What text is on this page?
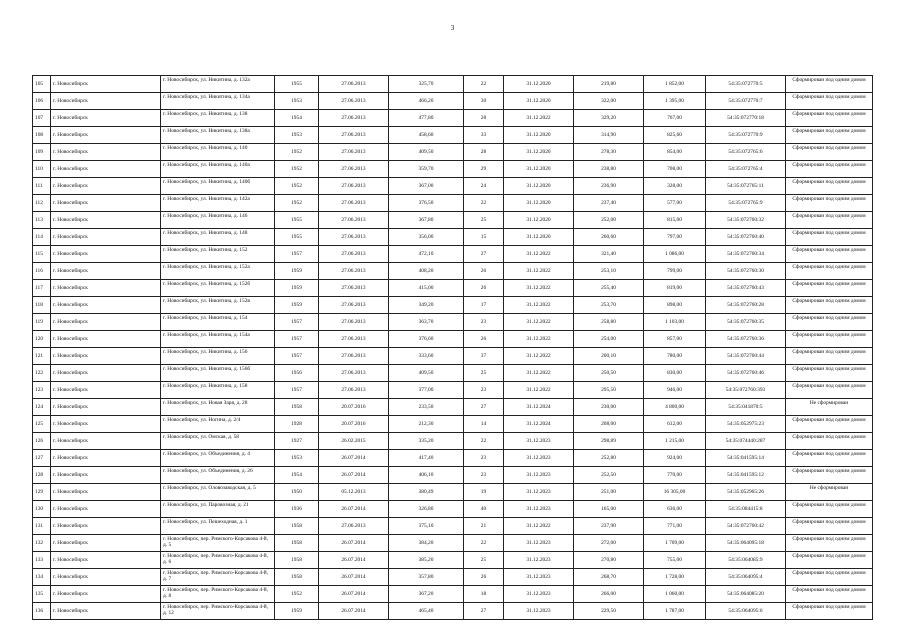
3
105	г. Новосибирск	г. Новосибирск, ул. Никитина, д. 132а	1955	27.06.2013	325,70	22	31.12.2020	219,80	1 852,00	54:35:072770:5	Сформирован под одним домом
106	г. Новосибирск	г. Новосибирск, ул. Никитина, д. 134а	1953	27.06.2013	466,20	30	31.12.2020	322,00	1 395,00	54:35:072770:7	Сформирован под одним домом
107	г. Новосибирск	г. Новосибирск, ул. Никитина, д. 138	1954	27.06.2013	477,80	28	31.12.2022	329,20	767,00	54:35:072770:18	Сформирован под одним домом
108	г. Новосибирск	г. Новосибирск, ул. Никитина, д. 138а	1953	27.06.2013	458,60	33	31.12.2020	314,90	825,60	54:35:072770:9	Сформирован под одним домом
109	г. Новосибирск	г. Новосибирск, ул. Никитина, д. 140	1952	27.06.2013	409,50	28	31.12.2020	278,30	854,00	54:35:072765:6	Сформирован под одним домом
110	г. Новосибирск	г. Новосибирск, ул. Никитина, д. 140а	1952	27.06.2013	359,70	29	31.12.2020	238,80	708,00	54:35:072765:4	Сформирован под одним домом
111	г. Новосибирск	г. Новосибирск, ул. Никитина, д. 140б	1952	27.06.2013	367,00	24	31.12.2020	236,90	328,00	54:35:072765:11	Сформирован под одним домом
112	г. Новосибирск	г. Новосибирск, ул. Никитина, д. 142а	1952	27.06.2013	376,50	22	31.12.2020	237,40	577,00	54:35:072765:9	Сформирован под одним домом
113	г. Новосибирск	г. Новосибирск, ул. Никитина, д. 146	1955	27.06.2013	367,80	25	31.12.2020	252,00	815,00	54:35:072760:32	Сформирован под одним домом
114	г. Новосибирск	г. Новосибирск, ул. Никитина, д. 148	1955	27.06.2013	356,00	15	31.12.2020	260,60	797,00	54:35:072760:40	Сформирован под одним домом
115	г. Новосибирск	г. Новосибирск, ул. Никитина, д. 152	1957	27.06.2013	472,10	27	31.12.2022	321,40	1 086,00	54:35:072760:34	Сформирован под одним домом
116	г. Новосибирск	г. Новосибирск, ул. Никитина, д. 152а	1959	27.06.2013	408,20	26	31.12.2022	253,10	799,00	54:35:072760:30	Сформирован под одним домом
117	г. Новосибирск	г. Новосибирск, ул. Никитина, д. 152б	1959	27.06.2013	415,00	26	31.12.2022	255,40	819,00	54:35:072760:43	Сформирован под одним домом
118	г. Новосибирск	г. Новосибирск, ул. Никитина, д. 152в	1959	27.06.2013	349,20	17	31.12.2022	253,70	898,00	54:35:072760:28	Сформирован под одним домом
119	г. Новосибирск	г. Новосибирск, ул. Никитина, д. 154	1957	27.06.2013	363,70	23	31.12.2022	258,80	1 103,00	54:35:072760:35	Сформирован под одним домом
120	г. Новосибирск	г. Новосибирск, ул. Никитина, д. 154а	1957	27.06.2013	376,60	26	31.12.2022	254,00	857,00	54:35:072760:36	Сформирован под одним домом
121	г. Новосибирск	г. Новосибирск, ул. Никитина, д. 156	1957	27.06.2013	333,60	37	31.12.2022	200,10	780,00	54:35:072760:44	Сформирован под одним домом
122	г. Новосибирск	г. Новосибирск, ул. Никитина, д. 156б	1956	27.06.2013	409,50	25	31.12.2022	250,50	830,00	54:35:072760:46	Сформирован под одним домом
123	г. Новосибирск	г. Новосибирск, ул. Никитина, д. 158	1957	27.06.2013	377,00	23	31.12.2022	295,50	946,00	54:35:072760:393	Сформирован под одним домом
124	г. Новосибирск	г. Новосибирск, ул. Новая Заря, д. 28	1958	20.07.2016	233,50	27	31.12.2024	230,00	4 800,00	54:35:041870:5	Не сформирован
125	г. Новосибирск	г. Новосибирск, ул. Ногина, д. 2/4	1928	20.07.2016	212,30	14	31.12.2024	208,00	612,00	54:35:052975:23	Сформирован под одним домом
126	г. Новосибирск	г. Новосибирск, ул. Омская, д. 58	1927	26.02.2015	335,20	22	31.12.2023	298,89	1 215,00	54:35:074440:287	Сформирован под одним домом
127	г. Новосибирск	г. Новосибирск, ул. Объединения, д. 4	1953	26.07.2014	417,40	23	31.12.2023	252,80	924,00	54:35:041595:14	Сформирован под одним домом
128	г. Новосибирск	г. Новосибирск, ул. Объединения, д. 26	1954	26.07.2014	406,10	23	31.12.2023	252,50	770,00	54:35:041595:12	Сформирован под одним домом
129	г. Новосибирск	г. Новосибирск, ул. Оловозаводская, д. 5	1950	05.12.2013	380,49	19	31.12.2023	251,00	16 305,00	54:35:052965:26	Не сформирован
130	г. Новосибирск	г. Новосибирск, ул. Паровозная, д. 21	1936	26.07.2014	326,80	40	31.12.2023	165,00	636,00	54:35:084415:8	Сформирован под одним домом
131	г. Новосибирск	г. Новосибирск, ул. Пешеходная, д. 1	1958	27.06.2013	375,10	21	31.12.2022	237,90	771,00	54:35:072760:42	Сформирован под одним домом
132	г. Новосибирск	г. Новосибирск, пер. Римского-Корсакова 4-й, д. 5	1958	26.07.2014	384,20	22	31.12.2023	272,00	1 709,00	54:35:064095:18	Сформирован под одним домом
133	г. Новосибирск	г. Новосибирск, пер. Римского-Корсакова 4-й, д. 6	1958	26.07.2014	385,20	25	31.12.2023	270,80	755,00	54:35:064085:9	Сформирован под одним домом
134	г. Новосибирск	г. Новосибирск, пер. Римского-Корсакова 4-й, д. 7	1958	26.07.2014	357,80	26	31.12.2023	268,70	1 728,00	54:35:064095:4	Сформирован под одним домом
135	г. Новосибирск	г. Новосибирск, пер. Римского-Корсакова 4-й, д. 8	1952	26.07.2014	367,20	18	31.12.2023	266,00	1 060,00	54:35:064085:20	Сформирован под одним домом
136	г. Новосибирск	г. Новосибирск, пер. Римского-Корсакова 4-й, д. 12	1959	26.07.2014	465,40	27	31.12.2023	229,50	1 787,00	54:35:064095:6	Сформирован под одним домом
